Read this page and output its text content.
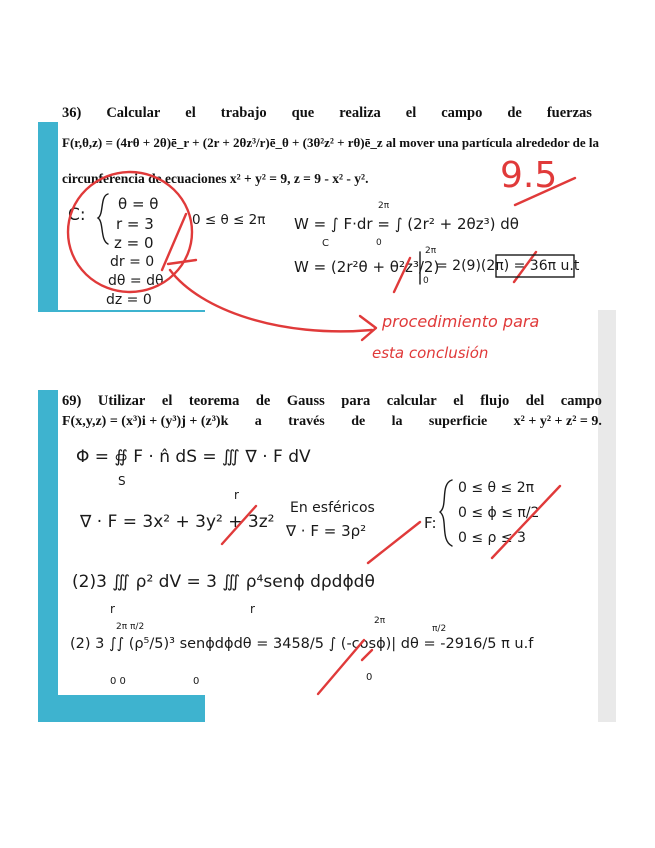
36) Calcular el trabajo que realiza el campo de fuerzas
F(r,θ,z) = (4rθ + 2θ)ē_r + (2r + 2θz³/r)ē_θ + (3θ²z² + rθ)ē_z al mover una partícula alrededor de la
circunferencia de ecuaciones x² + y² = 9, z = 9 - x² - y².	9.5
C:
θ = θ
r = 3
z = 0
0 ≤ θ ≤ 2π W = ∫ F·dr = ∫ (2r² + 2θz³) dθ
C
2π
0
dr = 0
dθ = dθ
dz = 0
W = (2r²θ + θ²z³/2)
2π
0
= 2(9)(2π) = 36π u.t
procedimiento para
esta conclusión
69) Utilizar el teorema de Gauss para calcular el flujo del campo
F(x,y,z) = (x³)i + (y³)j + (z³)k a través de la superficie x² + y² + z² = 9.
Φ = ∯ F · n̂ dS = ∭ ∇ · F dV
S
r
∇ · F = 3x² + 3y² + 3z²
En esféricos
∇ · F = 3ρ²	F:
0 ≤ θ ≤ 2π
0 ≤ ϕ ≤ π/2
0 ≤ ρ ≤ 3
(2)3 ∭ ρ² dV = 3 ∭ ρ⁴senϕ dρdϕdθ
r	r
(2) 3 ∫∫ (ρ⁵/5)³ senϕdϕdθ = 3458/5 ∫ (-cosϕ)| dθ = -2916/5 π u.f
2π π/2
0 0	0
2π
π/2
0
